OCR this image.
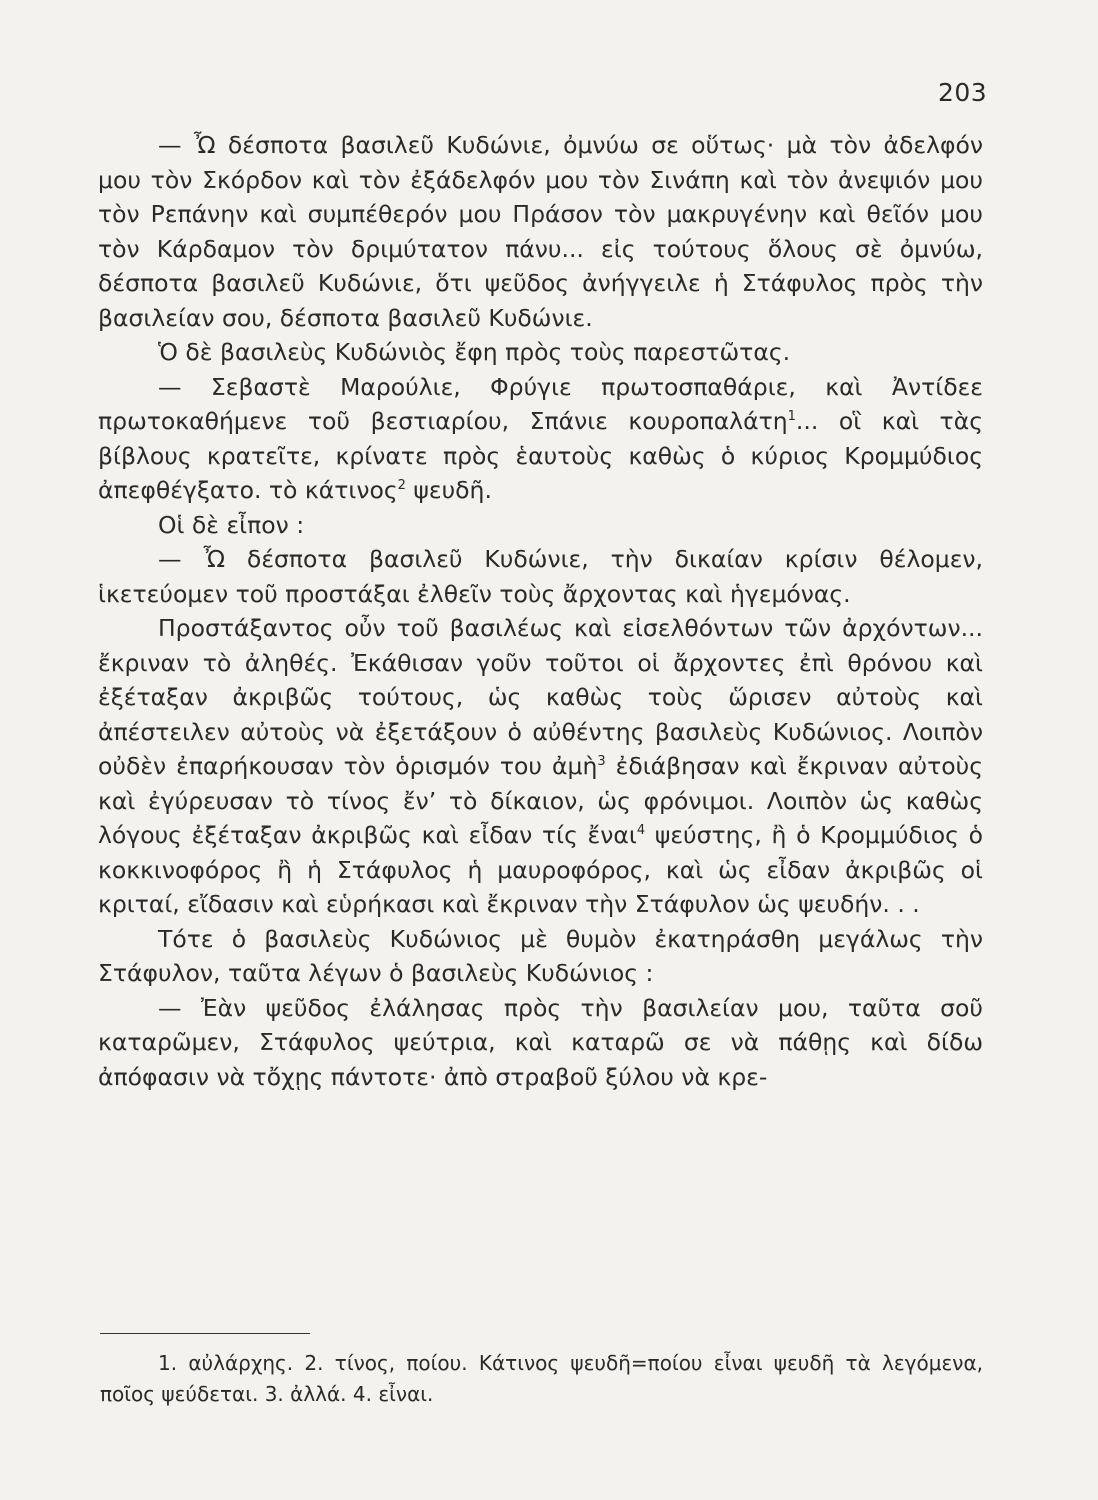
203

— Ὦ δέσποτα βασιλεῦ Κυδώνιε, ὀμνύω σε οὕτως· μὰ τὸν ἀδελφόν μου τὸν Σκόρδον καὶ τὸν ἐξάδελφόν μου τὸν Σινάπη καὶ τὸν ἀνεψιόν μου τὸν Ρεπάνην καὶ συμπέθερόν μου Πράσον τὸν μακρυγένην καὶ θεῖόν μου τὸν Κάρδαμον τὸν δριμύτατον πάνυ... εἰς τούτους ὅλους σὲ ὀμνύω, δέσποτα βασιλεῦ Κυδώνιε, ὅτι ψεῦδος ἀνήγγειλε ἡ Στάφυλος πρὸς τὴν βασιλείαν σου, δέσποτα βασιλεῦ Κυδώνιε.

Ὁ δὲ βασιλεὺς Κυδώνιὸς ἔφη πρὸς τοὺς παρεστῶτας.

— Σεβαστὲ Μαρούλιε, Φρύγιε πρωτοσπαθάριε, καὶ Ἀντίδεε πρωτοκαθήμενε τοῦ βεστιαρίου, Σπάνιε κουροπαλάτη$^1$... οἳ καὶ τὰς βίβλους κρατεῖτε, κρίνατε πρὸς ἑαυτοὺς καθὼς ὁ κύριος Κρομμύδιος ἀπεφθέγξατο. τὸ κάτινος$^2$ ψευδῆ.

Οἱ δὲ εἶπον :

— Ὦ δέσποτα βασιλεῦ Κυδώνιε, τὴν δικαίαν κρίσιν θέλομεν, ἱκετεύομεν τοῦ προστάξαι ἐλθεῖν τοὺς ἄρχοντας καὶ ἡγεμόνας.

Προστάξαντος οὖν τοῦ βασιλέως καὶ εἰσελθόντων τῶν ἀρχόντων... ἔκριναν τὸ ἀληθές. Ἐκάθισαν γοῦν τοῦτοι οἱ ἄρχοντες ἐπὶ θρόνου καὶ ἐξέταξαν ἀκριβῶς τούτους, ὡς καθὼς τοὺς ὥρισεν αὐτοὺς καὶ ἀπέστειλεν αὐτοὺς νὰ ἐξετάξουν ὁ αὐθέντης βασιλεὺς Κυδώνιος. Λοιπὸν οὐδὲν ἐπαρήκουσαν τὸν ὁρισμόν του ἀμὴ$^3$ ἐδιάβησαν καὶ ἔκριναν αὐτοὺς καὶ ἐγύρευσαν τὸ τίνος ἔν’ τὸ δίκαιον, ὡς φρόνιμοι. Λοιπὸν ὡς καθὼς λόγους ἐξέταξαν ἀκριβῶς καὶ εἶδαν τίς ἔναι$^4$ ψεύστης, ἢ ὁ Κρομμύδιος ὁ κοκκινοφόρος ἢ ἡ Στάφυλος ἡ μαυροφόρος, καὶ ὡς εἶδαν ἀκριβῶς οἱ κριταί, εἴδασιν καὶ εὑρήκασι καὶ ἔκριναν τὴν Στάφυλον ὡς ψευδήν. . .

Τότε ὁ βασιλεὺς Κυδώνιος μὲ θυμὸν ἐκατηράσθη μεγάλως τὴν Στάφυλον, ταῦτα λέγων ὁ βασιλεὺς Κυδώνιος :

— Ἐὰν ψεῦδος ἐλάλησας πρὸς τὴν βασιλείαν μου, ταῦτα σοῦ καταρῶμεν, Στάφυλος ψεύτρια, καὶ καταρῶ σε νὰ πάθῃς καὶ δίδω ἀπόφασιν νὰ τὄχῃς πάντοτε· ἀπὸ στραβοῦ ξύλου νὰ κρε-

1. αὐλάρχης. 2. τίνος, ποίου. Κάτινος ψευδῆ=ποίου εἶναι ψευδῆ τὰ λεγόμενα, ποῖος ψεύδεται. 3. ἀλλά. 4. εἶναι.
